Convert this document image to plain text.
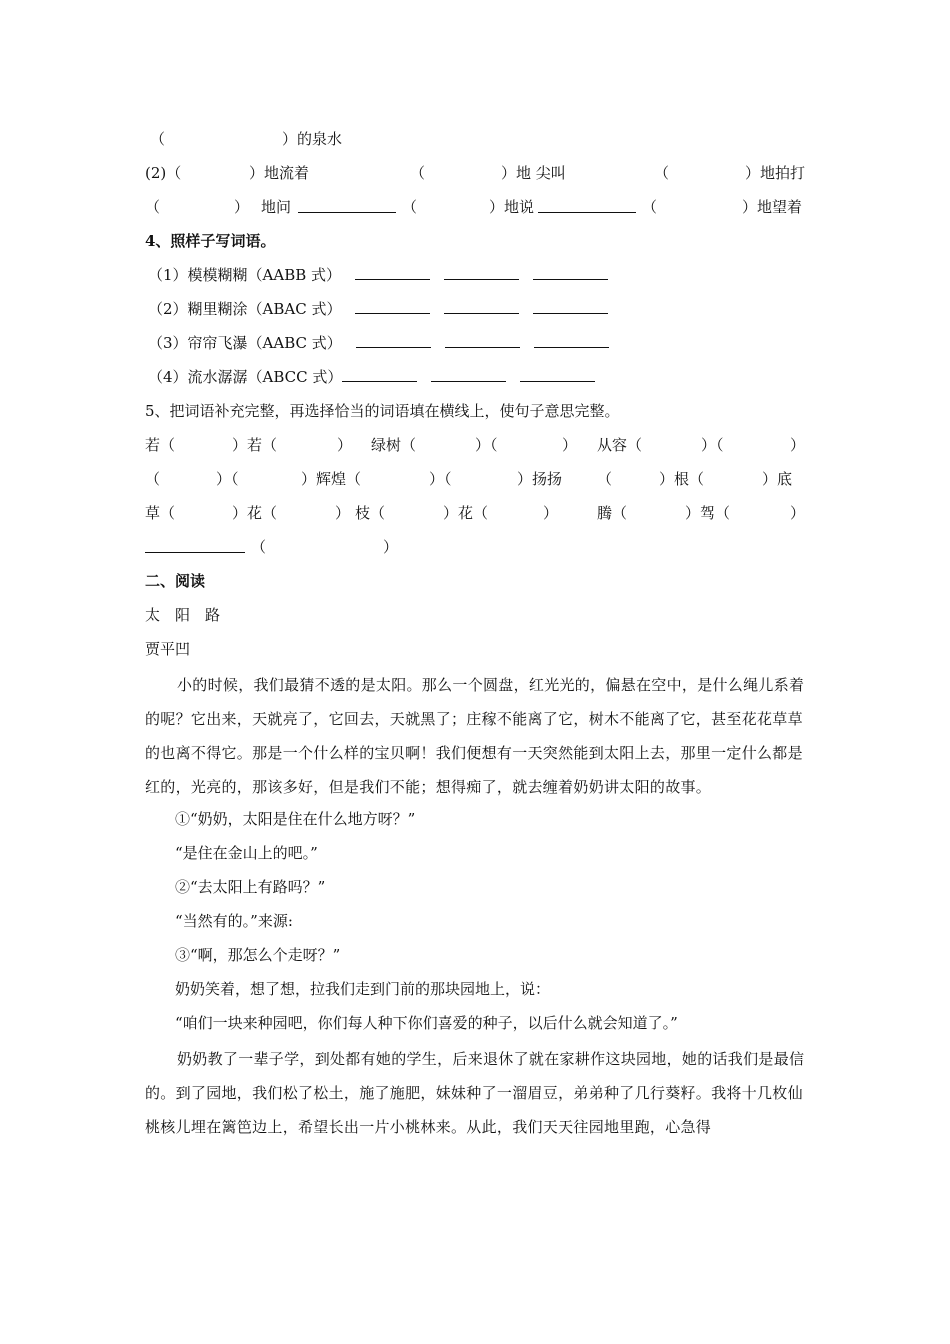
（	）的泉水
(2)（	）地流着	（	）地 尖叫	（	）地拍打
（	） 地问	（	）地说	（	）地望着
4、照样子写词语。
（1）模模糊糊（AABB 式）
（2）糊里糊涂（ABAC 式）
（3）帘帘飞瀑（AABC 式）
（4）流水潺潺（ABCC 式）
5、把词语补充完整，再选择恰当的词语填在横线上，使句子意思完整。
若（	）若（	） 绿树（	）（	） 从容（	）（	）
（	）（	）辉煌（	）（	）扬扬 （	）根（	）底
草（	）花（	） 枝（	）花（	）	腾（	）驾（	）
（	）
二、阅读
太　阳　路
贾平凹

小的时候，我们最猜不透的是太阳。那么一个圆盘，红光光的，偏悬在空中，是什么绳儿系着的呢？它出来，天就亮了，它回去，天就黑了；庄稼不能离了它，树木不能离了它，甚至花花草草的也离不得它。那是一个什么样的宝贝啊！我们便想有一天突然能到太阳上去，那里一定什么都是红的，光亮的，那该多好，但是我们不能；想得痴了，就去缠着奶奶讲太阳的故事。

①“奶奶，太阳是住在什么地方呀？”
“是住在金山上的吧。”
②“去太阳上有路吗？”
“当然有的。”来源:
③“啊，那怎么个走呀？”
奶奶笑着，想了想，拉我们走到门前的那块园地上，说：
“咱们一块来种园吧，你们每人种下你们喜爱的种子，以后什么就会知道了。”

奶奶教了一辈子学，到处都有她的学生，后来退休了就在家耕作这块园地，她的话我们是最信的。到了园地，我们松了松土，施了施肥，妹妹种了一溜眉豆，弟弟种了几行葵籽。我将十几枚仙桃核儿埋在篱笆边上，希望长出一片小桃林来。从此，我们天天往园地里跑，心急得
